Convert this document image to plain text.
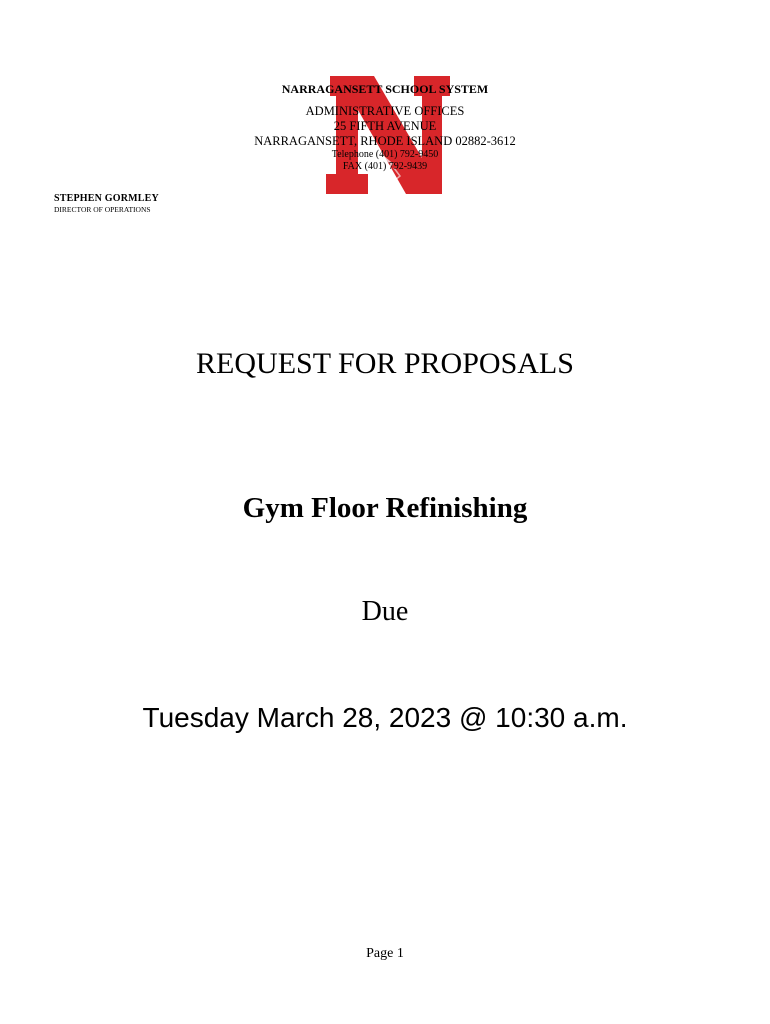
NARRAGANSETT SCHOOL SYSTEM
ADMINISTRATIVE OFFICES
25 FIFTH AVENUE
NARRAGANSETT, RHODE ISLAND 02882-3612
Telephone (401) 792-9450
FAX (401) 792-9439
STEPHEN GORMLEY
DIRECTOR OF OPERATIONS
REQUEST FOR PROPOSALS
Gym Floor Refinishing
Due
Tuesday March 28, 2023 @ 10:30 a.m.
Page 1
